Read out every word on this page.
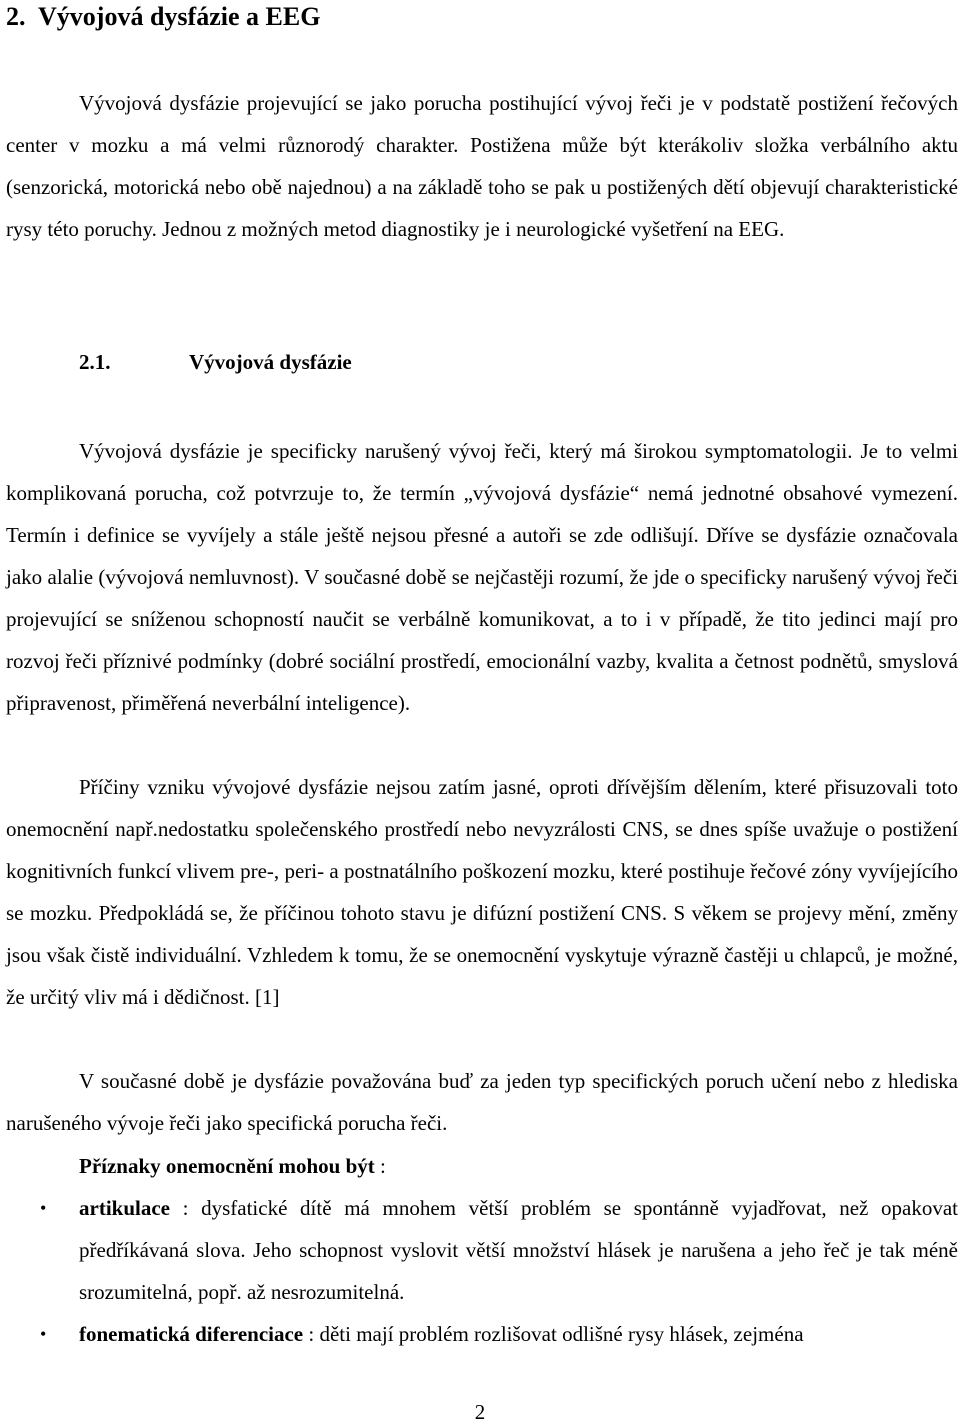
2. Vývojová dysfázie a EEG

Vývojová dysfázie projevující se jako porucha postihující vývoj řeči je v podstatě postižení řečových center v mozku a má velmi různorodý charakter. Postižena může být kterákoliv složka verbálního aktu (senzorická, motorická nebo obě najednou) a na základě toho se pak u postižených dětí objevují charakteristické rysy této poruchy. Jednou z možných metod diagnostiky je i neurologické vyšetření na EEG.

2.1.	Vývojová dysfázie

Vývojová dysfázie je specificky narušený vývoj řeči, který má širokou symptomatologii. Je to velmi komplikovaná porucha, což potvrzuje to, že termín „vývojová dysfázie“ nemá jednotné obsahové vymezení. Termín i definice se vyvíjely a stále ještě nejsou přesné a autoři se zde odlišují. Dříve se dysfázie označovala jako alalie (vývojová nemluvnost). V současné době se nejčastěji rozumí, že jde o specificky narušený vývoj řeči projevující se sníženou schopností naučit se verbálně komunikovat, a to i v případě, že tito jedinci mají pro rozvoj řeči příznivé podmínky (dobré sociální prostředí, emocionální vazby, kvalita a četnost podnětů, smyslová připravenost, přiměřená neverbální inteligence).

Příčiny vzniku vývojové dysfázie nejsou zatím jasné, oproti dřívějším dělením, které přisuzovali toto onemocnění např.nedostatku společenského prostředí nebo nevyzrálosti CNS, se dnes spíše uvažuje o postižení kognitivních funkcí vlivem pre-, peri- a postnatálního poškození mozku, které postihuje řečové zóny vyvíjejícího se mozku. Předpokládá se, že příčinou tohoto stavu je difúzní postižení CNS. S věkem se projevy mění, změny jsou však čistě individuální. Vzhledem k tomu, že se onemocnění vyskytuje výrazně častěji u chlapců, je možné, že určitý vliv má i dědičnost. [1]

V současné době je dysfázie považována buď za jeden typ specifických poruch učení nebo z hlediska narušeného vývoje řeči jako specifická porucha řeči.

Příznaky onemocnění mohou být :

• artikulace : dysfatické dítě má mnohem větší problém se spontánně vyjadřovat, než opakovat předříkávaná slova. Jeho schopnost vyslovit větší množství hlásek je narušena a jeho řeč je tak méně srozumitelná, popř. až nesrozumitelná.
• fonematická diferenciace : děti mají problém rozlišovat odlišné rysy hlásek, zejména
2
